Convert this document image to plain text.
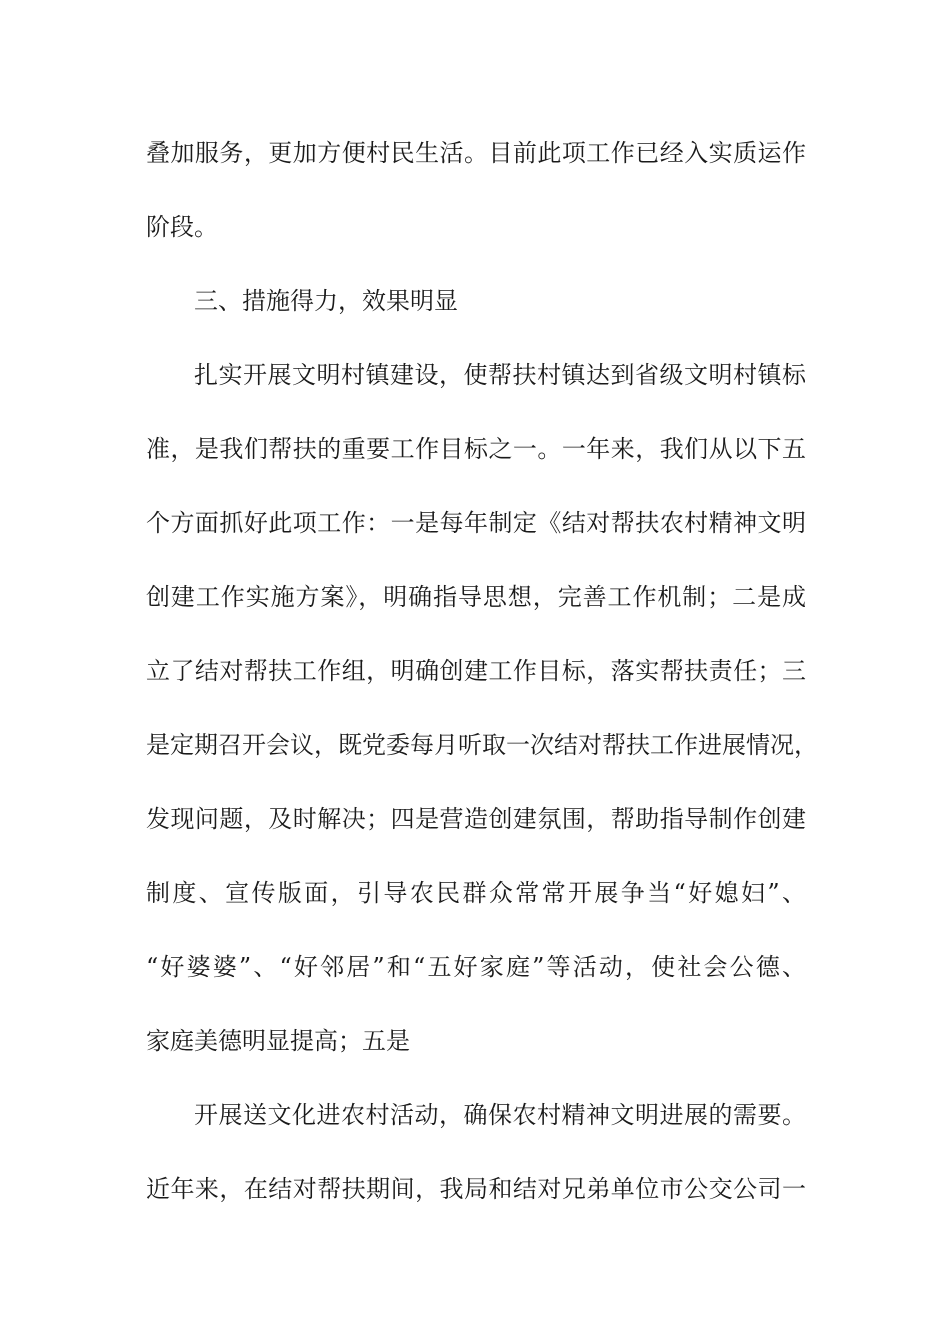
叠加服务，更加方便村民生活。目前此项工作已经入实质运作
阶段。
三、措施得力，效果明显
扎实开展文明村镇建设，使帮扶村镇达到省级文明村镇标
准，是我们帮扶的重要工作目标之一。一年来，我们从以下五
个方面抓好此项工作：一是每年制定《结对帮扶农村精神文明
创建工作实施方案》，明确指导思想，完善工作机制；二是成
立了结对帮扶工作组，明确创建工作目标，落实帮扶责任；三
是定期召开会议，既党委每月听取一次结对帮扶工作进展情况，
发现问题，及时解决；四是营造创建氛围，帮助指导制作创建
制度、宣传版面，引导农民群众常常开展争当“好媳妇”、
“好婆婆”、“好邻居”和“五好家庭”等活动，使社会公德、
家庭美德明显提高；五是
开展送文化进农村活动，确保农村精神文明进展的需要。
近年来，在结对帮扶期间，我局和结对兄弟单位市公交公司一
